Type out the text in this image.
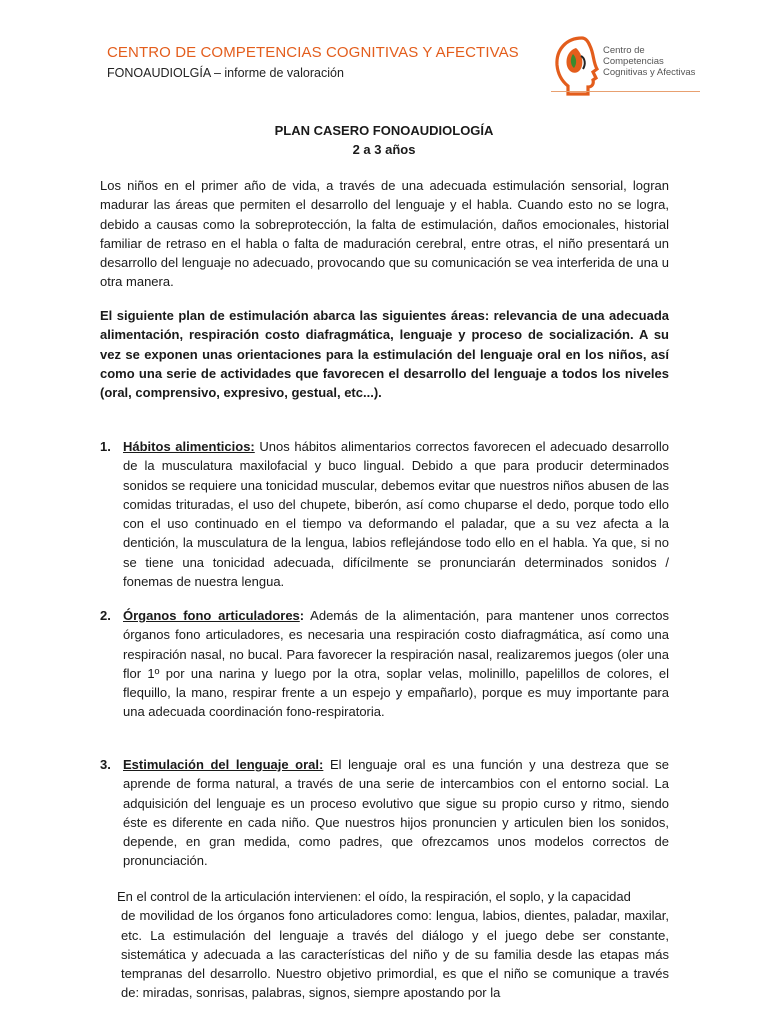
CENTRO DE COMPETENCIAS COGNITIVAS Y AFECTIVAS
FONOAUDIOLGÍA – informe de valoración
Centro de
Competencias
Cognitivas y Afectivas
PLAN CASERO FONOAUDIOLOGÍA
2 a 3 años
Los niños en el primer año de vida, a través de una adecuada estimulación sensorial, logran madurar las áreas que permiten el desarrollo del lenguaje y el habla. Cuando esto no se logra, debido a causas como la sobreprotección, la falta de estimulación, daños emocionales, historial familiar de retraso en el habla o falta de maduración cerebral, entre otras, el niño presentará un desarrollo del lenguaje no adecuado, provocando que su comunicación se vea interferida de una u otra manera.
El siguiente plan de estimulación abarca las siguientes áreas: relevancia de una adecuada alimentación, respiración costo diafragmática, lenguaje y proceso de socialización. A su vez se exponen unas orientaciones para la estimulación del lenguaje oral en los niños, así como una serie de actividades que favorecen el desarrollo del lenguaje a todos los niveles (oral, comprensivo, expresivo, gestual, etc...).
1. Hábitos alimenticios: Unos hábitos alimentarios correctos favorecen el adecuado desarrollo de la musculatura maxilofacial y buco lingual. Debido a que para producir determinados sonidos se requiere una tonicidad muscular, debemos evitar que nuestros niños abusen de las comidas trituradas, el uso del chupete, biberón, así como chuparse el dedo, porque todo ello con el uso continuado en el tiempo va deformando el paladar, que a su vez afecta a la dentición, la musculatura de la lengua, labios reflejándose todo ello en el habla. Ya que, si no se tiene una tonicidad adecuada, difícilmente se pronunciarán determinados sonidos / fonemas de nuestra lengua.
2. Órganos fono articuladores: Además de la alimentación, para mantener unos correctos órganos fono articuladores, es necesaria una respiración costo diafragmática, así como una respiración nasal, no bucal. Para favorecer la respiración nasal, realizaremos juegos (oler una flor 1º por una narina y luego por la otra, soplar velas, molinillo, papelillos de colores, el flequillo, la mano, respirar frente a un espejo y empañarlo), porque es muy importante para una adecuada coordinación fono-respiratoria.
3. Estimulación del lenguaje oral: El lenguaje oral es una función y una destreza que se aprende de forma natural, a través de una serie de intercambios con el entorno social. La adquisición del lenguaje es un proceso evolutivo que sigue su propio curso y ritmo, siendo éste es diferente en cada niño. Que nuestros hijos pronuncien y articulen bien los sonidos, depende, en gran medida, como padres, que ofrezcamos unos modelos correctos de pronunciación.
En el control de la articulación intervienen: el oído, la respiración, el soplo, y la capacidad
de movilidad de los órganos fono articuladores como: lengua, labios, dientes, paladar, maxilar, etc. La estimulación del lenguaje a través del diálogo y el juego debe ser constante, sistemática y adecuada a las características del niño y de su familia desde las etapas más tempranas del desarrollo. Nuestro objetivo primordial, es que el niño se comunique a través de: miradas, sonrisas, palabras, signos, siempre apostando por la
